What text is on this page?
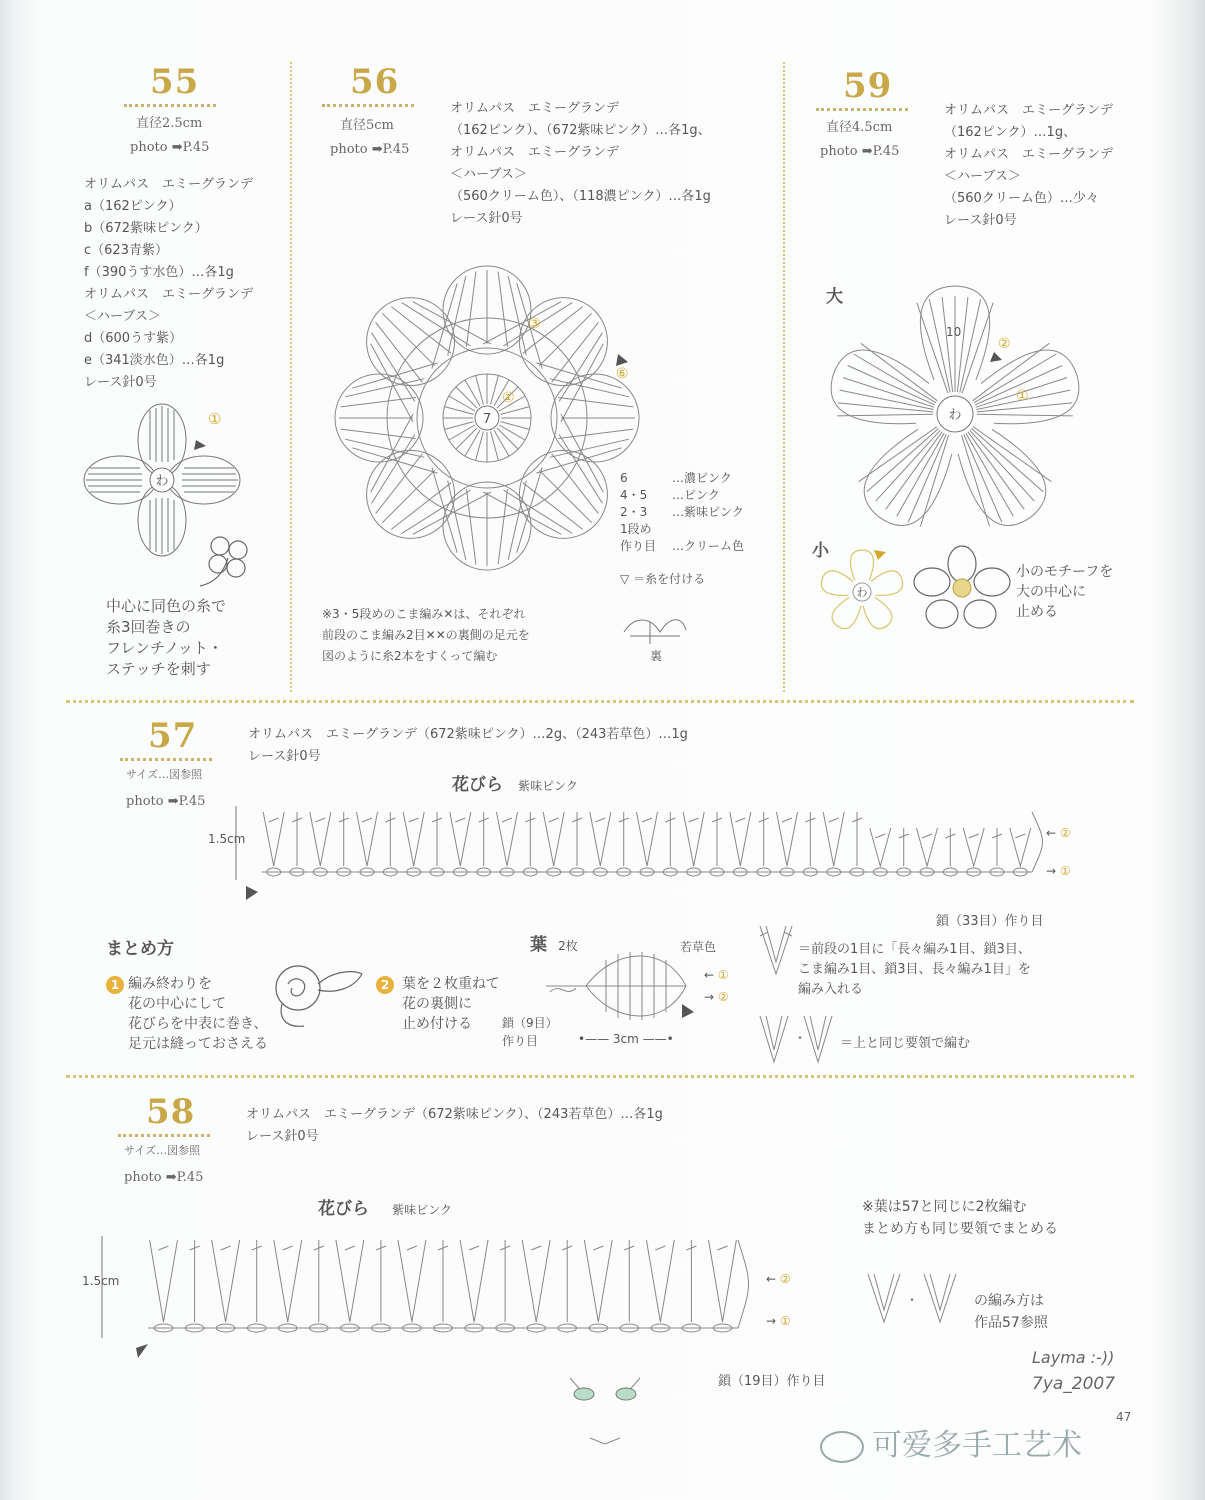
55
直径2.5cm
photo ➡P.45
オリムパス　エミーグランデ
a（162ピンク）
b（672紫味ピンク）
c（623青紫）
f（390うす水色）…各1g
オリムパス　エミーグランデ
＜ハーブス＞
d（600うす紫）
e（341淡水色）…各1g
レース針0号
わ
①
中心に同色の糸で
糸3回巻きの
フレンチノット・
ステッチを刺す
56
直径5cm
photo ➡P.45
オリムパス　エミーグランデ
（162ピンク）、（672紫味ピンク）…各1g、
オリムパス　エミーグランデ
＜ハーブス＞
（560クリーム色）、（118濃ピンク）…各1g
レース針0号
7
①
⑥
③
6	…濃ピンク
4・5 …ピンク
2・3 …紫味ピンク
1段め
作り目 …クリーム色
▽ ＝糸を付ける
※3・5段めのこま編み✕は、それぞれ
前段のこま編み2目✕✕の裏側の足元を
図のように糸2本をすくって編む	裏
59
直径4.5cm
photo ➡P.45
オリムパス　エミーグランデ
（162ピンク）…1g、
オリムパス　エミーグランデ
＜ハーブス＞
（560クリーム色）…少々
レース針0号
大
わ
10
②
①
小
わ
小のモチーフを
大の中心に
止める
57
サイズ…図参照
photo ➡P.45
オリムパス　エミーグランデ（672紫味ピンク）…2g、（243若草色）…1g
レース針0号
花びら 紫味ピンク
1.5cm	← ②
→ ①
鎖（33目）作り目
まとめ方
1 編み終わりを
花の中心にして
花びらを中表に巻き、
足元は縫っておさえる
2 葉を２枚重ねて
花の裏側に
止め付ける
葉 2枚	若草色
← ①
→ ②
鎖（9目）
作り目	•—— 3cm ——•
＝前段の1目に「長々編み1目、鎖3目、
こま編み1目、鎖3目、長々編み1目」を
編み入れる
・	＝上と同じ要領で編む
58
サイズ…図参照
photo ➡P.45
オリムパス　エミーグランデ（672紫味ピンク）、（243若草色）…各1g
レース針0号
花びら 紫味ピンク	※葉は57と同じに2枚編む
まとめ方も同じ要領でまとめる
1.5cm	← ②
→ ①
鎖（19目）作り目
・	の編み方は
作品57参照
Layma :-))
7ya_2007
47
可爱多手工艺术
